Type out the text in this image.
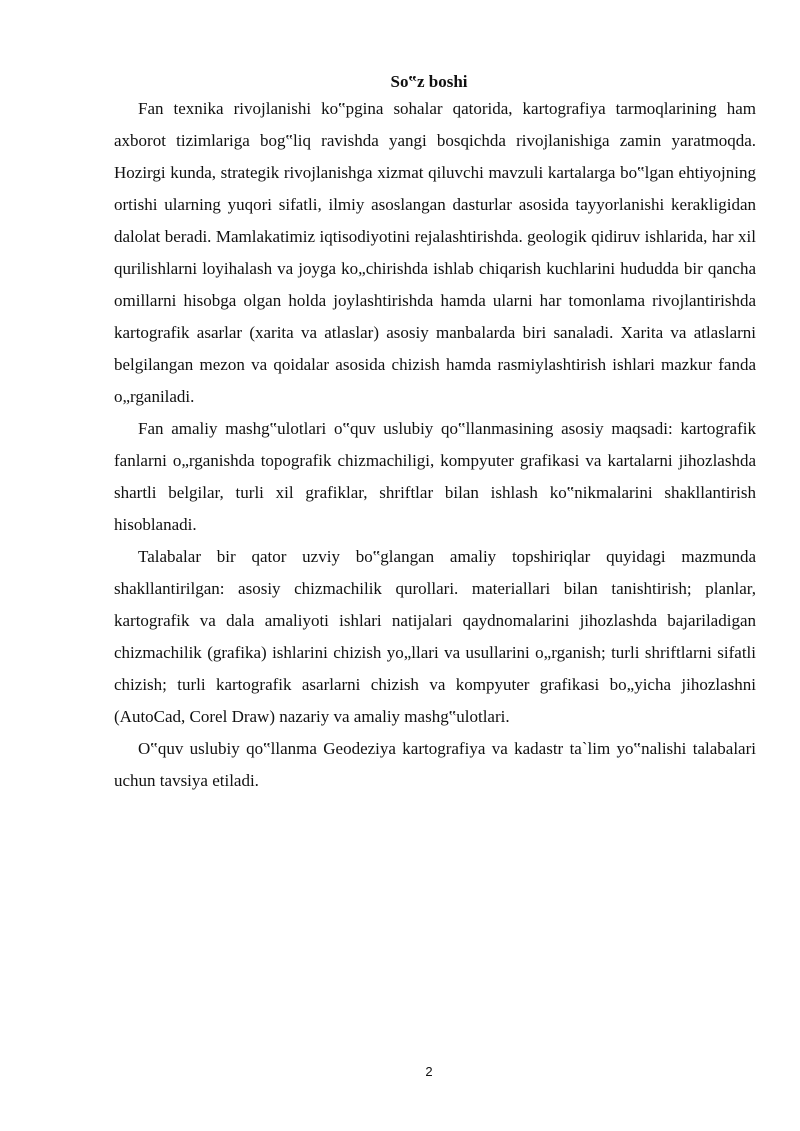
So‟z boshi

Fan texnika rivojlanishi ko‟pgina sohalar qatorida, kartografiya tarmoqlarining ham axborot tizimlariga bog‟liq ravishda yangi bosqichda rivojlanishiga zamin yaratmoqda. Hozirgi kunda, strategik rivojlanishga xizmat qiluvchi mavzuli kartalarga bo‟lgan ehtiyojning ortishi ularning yuqori sifatli, ilmiy asoslangan dasturlar asosida tayyorlanishi kerakligidan dalolat beradi. Mamlakatimiz iqtisodiyotini rejalashtirishda. geologik qidiruv ishlarida, har xil qurilishlarni loyihalash va joyga ko„chirishda ishlab chiqarish kuchlarini hududda bir qancha omillarni hisobga olgan holda joylashtirishda hamda ularni har tomonlama rivojlantirishda kartografik asarlar (xarita va atlaslar) asosiy manbalarda biri sanaladi. Xarita va atlaslarni belgilangan mezon va qoidalar asosida chizish hamda rasmiylashtirish ishlari mazkur fanda o„rganiladi.

Fan amaliy mashg‟ulotlari o‟quv uslubiy qo‟llanmasining asosiy maqsadi: kartografik fanlarni o„rganishda topografik chizmachiligi, kompyuter grafikasi va kartalarni jihozlashda shartli belgilar, turli xil grafiklar, shriftlar bilan ishlash ko‟nikmalarini shakllantirish hisoblanadi.

Talabalar bir qator uzviy bo‟glangan amaliy topshiriqlar quyidagi mazmunda shakllantirilgan: asosiy chizmachilik qurollari. materiallari bilan tanishtirish; planlar, kartografik va dala amaliyoti ishlari natijalari qaydnomalarini jihozlashda bajariladigan chizmachilik (grafika) ishlarini chizish yo„llari va usullarini o„rganish; turli shriftlarni sifatli chizish; turli kartografik asarlarni chizish va kompyuter grafikasi bo„yicha jihozlashni (AutoCad, Corel Draw) nazariy va amaliy mashg‟ulotlari.

O‟quv uslubiy qo‟llanma Geodeziya kartografiya va kadastr ta`lim yo‟nalishi talabalari uchun tavsiya etiladi.

2
